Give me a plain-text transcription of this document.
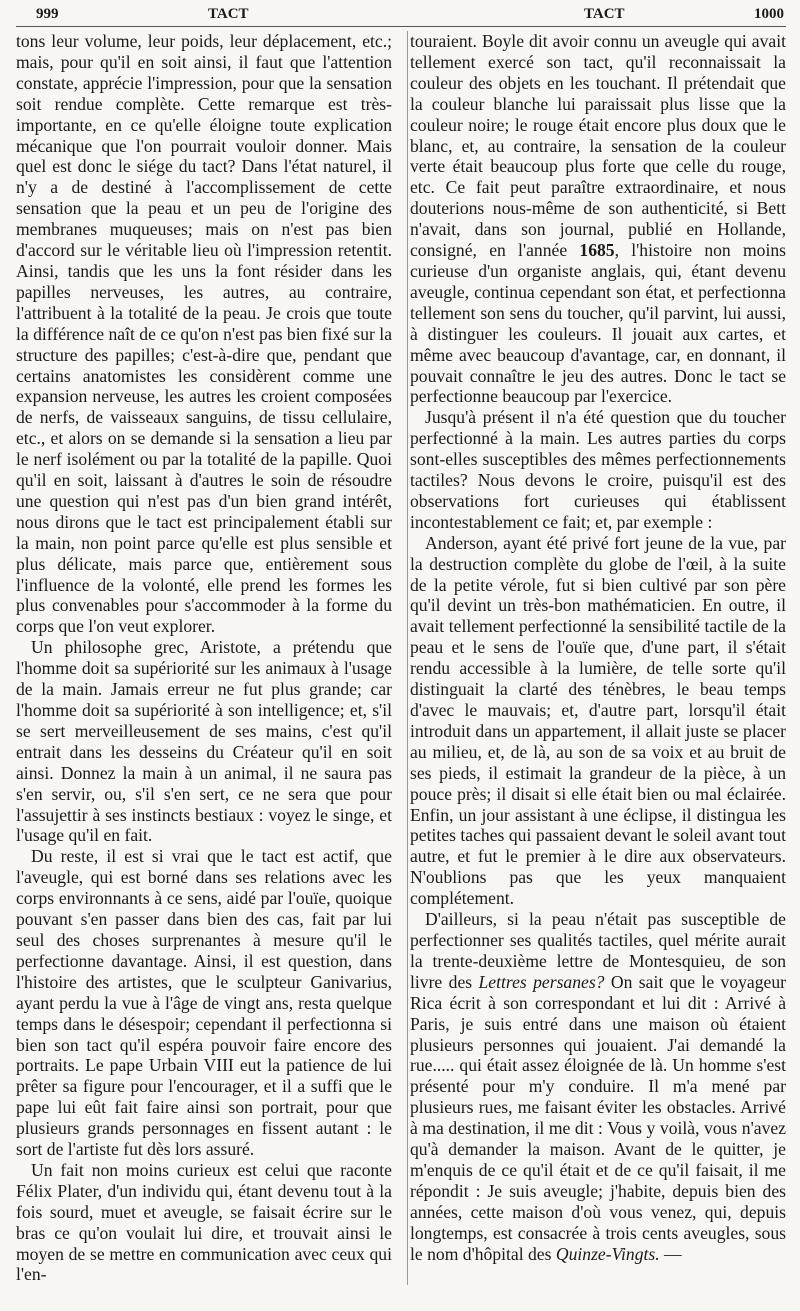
999	TACT	TACT	1000

tons leur volume, leur poids, leur déplacement, etc.; mais, pour qu'il en soit ainsi, il faut que l'attention constate, apprécie l'impression, pour que la sensation soit rendue complète. Cette remarque est très-importante, en ce qu'elle éloigne toute explication mécanique que l'on pourrait vouloir donner. Mais quel est donc le siége du tact? Dans l'état naturel, il n'y a de destiné à l'accomplissement de cette sensation que la peau et un peu de l'origine des membranes muqueuses; mais on n'est pas bien d'accord sur le véritable lieu où l'impression retentit. Ainsi, tandis que les uns la font résider dans les papilles nerveuses, les autres, au contraire, l'attribuent à la totalité de la peau. Je crois que toute la différence naît de ce qu'on n'est pas bien fixé sur la structure des papilles; c'est-à-dire que, pendant que certains anatomistes les considèrent comme une expansion nerveuse, les autres les croient composées de nerfs, de vaisseaux sanguins, de tissu cellulaire, etc., et alors on se demande si la sensation a lieu par le nerf isolément ou par la totalité de la papille. Quoi qu'il en soit, laissant à d'autres le soin de résoudre une question qui n'est pas d'un bien grand intérêt, nous dirons que le tact est principalement établi sur la main, non point parce qu'elle est plus sensible et plus délicate, mais parce que, entièrement sous l'influence de la volonté, elle prend les formes les plus convenables pour s'accommoder à la forme du corps que l'on veut explorer.

Un philosophe grec, Aristote, a prétendu que l'homme doit sa supériorité sur les animaux à l'usage de la main. Jamais erreur ne fut plus grande; car l'homme doit sa supériorité à son intelligence; et, s'il se sert merveilleusement de ses mains, c'est qu'il entrait dans les desseins du Créateur qu'il en soit ainsi. Donnez la main à un animal, il ne saura pas s'en servir, ou, s'il s'en sert, ce ne sera que pour l'assujettir à ses instincts bestiaux : voyez le singe, et l'usage qu'il en fait.

Du reste, il est si vrai que le tact est actif, que l'aveugle, qui est borné dans ses relations avec les corps environnants à ce sens, aidé par l'ouïe, quoique pouvant s'en passer dans bien des cas, fait par lui seul des choses surprenantes à mesure qu'il le perfectionne davantage. Ainsi, il est question, dans l'histoire des artistes, que le sculpteur Ganivarius, ayant perdu la vue à l'âge de vingt ans, resta quelque temps dans le désespoir; cependant il perfectionna si bien son tact qu'il espéra pouvoir faire encore des portraits. Le pape Urbain VIII eut la patience de lui prêter sa figure pour l'encourager, et il a suffi que le pape lui eût fait faire ainsi son portrait, pour que plusieurs grands personnages en fissent autant : le sort de l'artiste fut dès lors assuré.

Un fait non moins curieux est celui que raconte Félix Plater, d'un individu qui, étant devenu tout à la fois sourd, muet et aveugle, se faisait écrire sur le bras ce qu'on voulait lui dire, et trouvait ainsi le moyen de se mettre en communication avec ceux qui l'en-

touraient. Boyle dit avoir connu un aveugle qui avait tellement exercé son tact, qu'il reconnaissait la couleur des objets en les touchant. Il prétendait que la couleur blanche lui paraissait plus lisse que la couleur noire; le rouge était encore plus doux que le blanc, et, au contraire, la sensation de la couleur verte était beaucoup plus forte que celle du rouge, etc. Ce fait peut paraître extraordinaire, et nous douterions nous-même de son authenticité, si Bett n'avait, dans son journal, publié en Hollande, consigné, en l'année 1685, l'histoire non moins curieuse d'un organiste anglais, qui, étant devenu aveugle, continua cependant son état, et perfectionna tellement son sens du toucher, qu'il parvint, lui aussi, à distinguer les couleurs. Il jouait aux cartes, et même avec beaucoup d'avantage, car, en donnant, il pouvait connaître le jeu des autres. Donc le tact se perfectionne beaucoup par l'exercice.

Jusqu'à présent il n'a été question que du toucher perfectionné à la main. Les autres parties du corps sont-elles susceptibles des mêmes perfectionnements tactiles? Nous devons le croire, puisqu'il est des observations fort curieuses qui établissent incontestablement ce fait; et, par exemple :

Anderson, ayant été privé fort jeune de la vue, par la destruction complète du globe de l'œil, à la suite de la petite vérole, fut si bien cultivé par son père qu'il devint un très-bon mathématicien. En outre, il avait tellement perfectionné la sensibilité tactile de la peau et le sens de l'ouïe que, d'une part, il s'était rendu accessible à la lumière, de telle sorte qu'il distinguait la clarté des ténèbres, le beau temps d'avec le mauvais; et, d'autre part, lorsqu'il était introduit dans un appartement, il allait juste se placer au milieu, et, de là, au son de sa voix et au bruit de ses pieds, il estimait la grandeur de la pièce, à un pouce près; il disait si elle était bien ou mal éclairée. Enfin, un jour assistant à une éclipse, il distingua les petites taches qui passaient devant le soleil avant tout autre, et fut le premier à le dire aux observateurs. N'oublions pas que les yeux manquaient complétement.

D'ailleurs, si la peau n'était pas susceptible de perfectionner ses qualités tactiles, quel mérite aurait la trente-deuxième lettre de Montesquieu, de son livre des Lettres persanes? On sait que le voyageur Rica écrit à son correspondant et lui dit : Arrivé à Paris, je suis entré dans une maison où étaient plusieurs personnes qui jouaient. J'ai demandé la rue..... qui était assez éloignée de là. Un homme s'est présenté pour m'y conduire. Il m'a mené par plusieurs rues, me faisant éviter les obstacles. Arrivé à ma destination, il me dit : Vous y voilà, vous n'avez qu'à demander la maison. Avant de le quitter, je m'enquis de ce qu'il était et de ce qu'il faisait, il me répondit : Je suis aveugle; j'habite, depuis bien des années, cette maison d'où vous venez, qui, depuis longtemps, est consacrée à trois cents aveugles, sous le nom d'hôpital des Quinze-Vingts. —
